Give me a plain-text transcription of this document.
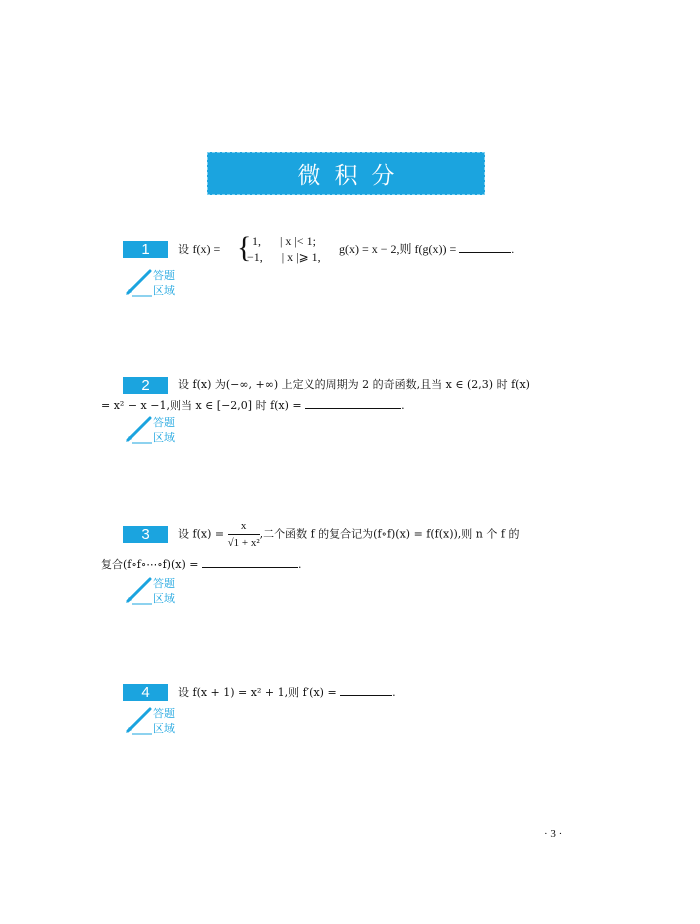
微积分
1	设 f(x) = { 1, | x |< 1;
−1, | x |⩾ 1,
g(x) = x − 2,则 f(g(x)) =	.
答题
区域
2	设 f(x) 为(−∞, +∞) 上定义的周期为 2 的奇函数,且当 x ∈ (2,3) 时 f(x)
= x² − x −1,则当 x ∈ [−2,0] 时 f(x) =	.
答题
区域
3	设 $f(x) = \frac{x}{\text{√1 + x²}}$ ,二个函数 f 的复合记为(f∘f)(x) = f(f(x)),则 n 个 f 的
复合(f∘f∘⋯∘f)(x) =	.
答题
区域
4	设 f(x + 1) = x² + 1,则 f′(x) =	.
答题
区域
· 3 ·
